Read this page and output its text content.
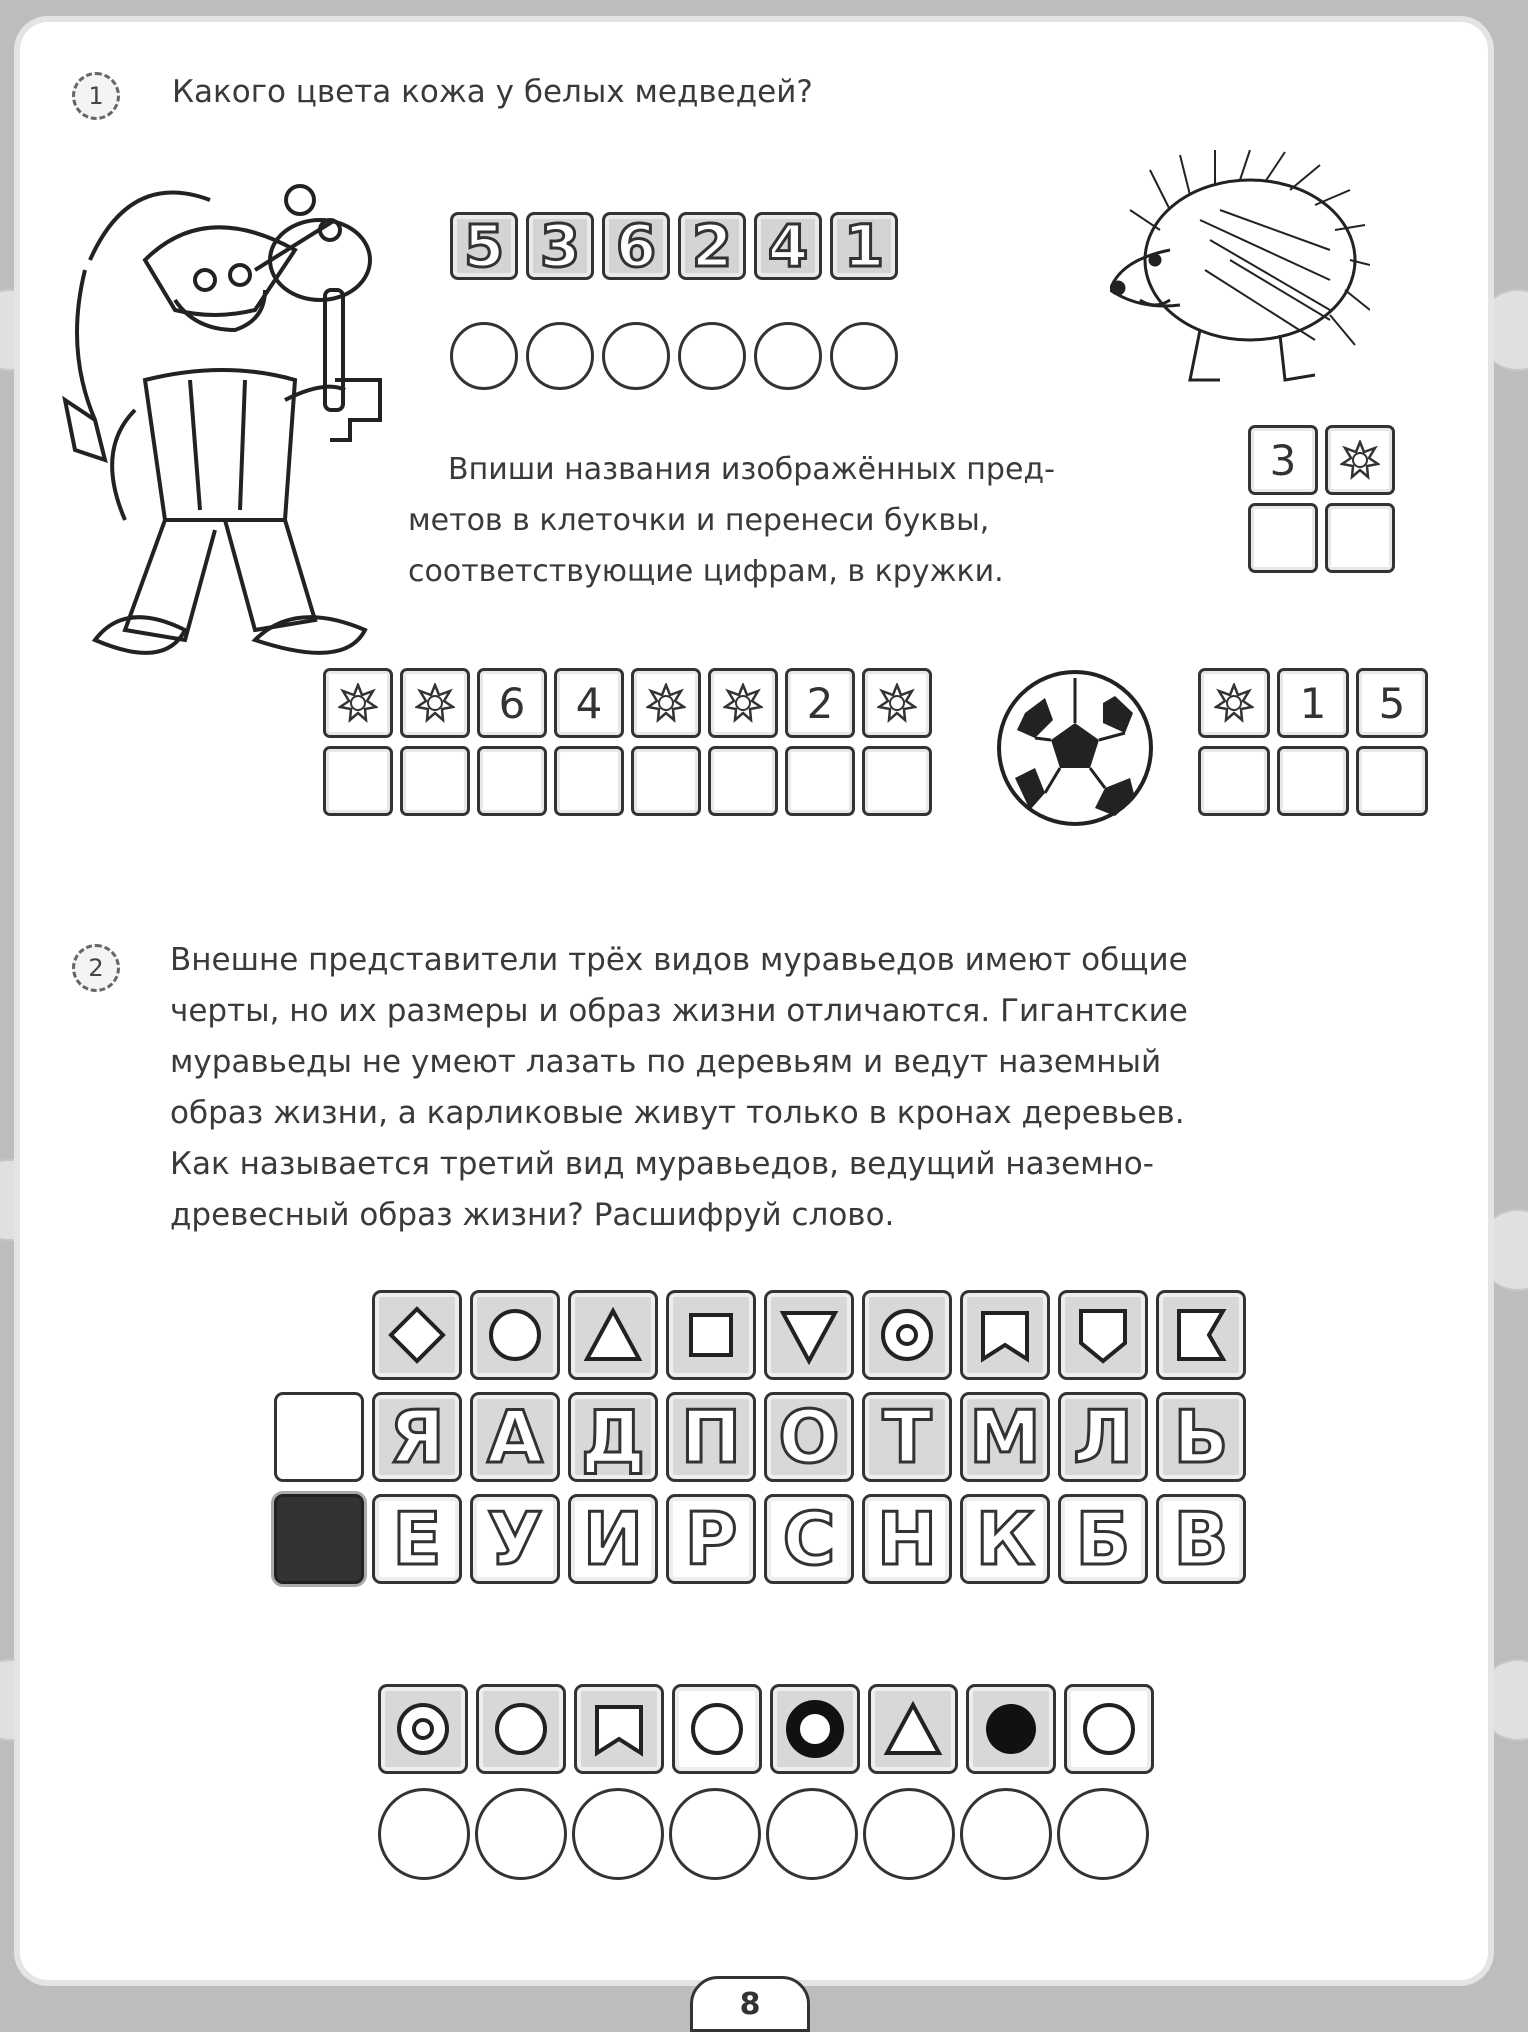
1	Какого цвета кожа у белых медведей?
5 3 6 2 4 1
Впиши названия изображённых пред-
метов в клеточки и перенеси буквы,
соответствующие цифрам, в кружки.
3
6	4	2	1	5
2	Внешне представители трёх видов муравьедов имеют общие
черты, но их размеры и образ жизни отличаются. Гигантские
муравьеды не умеют лазать по деревьям и ведут наземный
образ жизни, а карликовые живут только в кронах деревьев.
Как называется третий вид муравьедов, ведущий наземно-
древесный образ жизни? Расшифруй слово.
Я А Д П О Т М Л Ь
Е У И Р С Н К Б В
8
